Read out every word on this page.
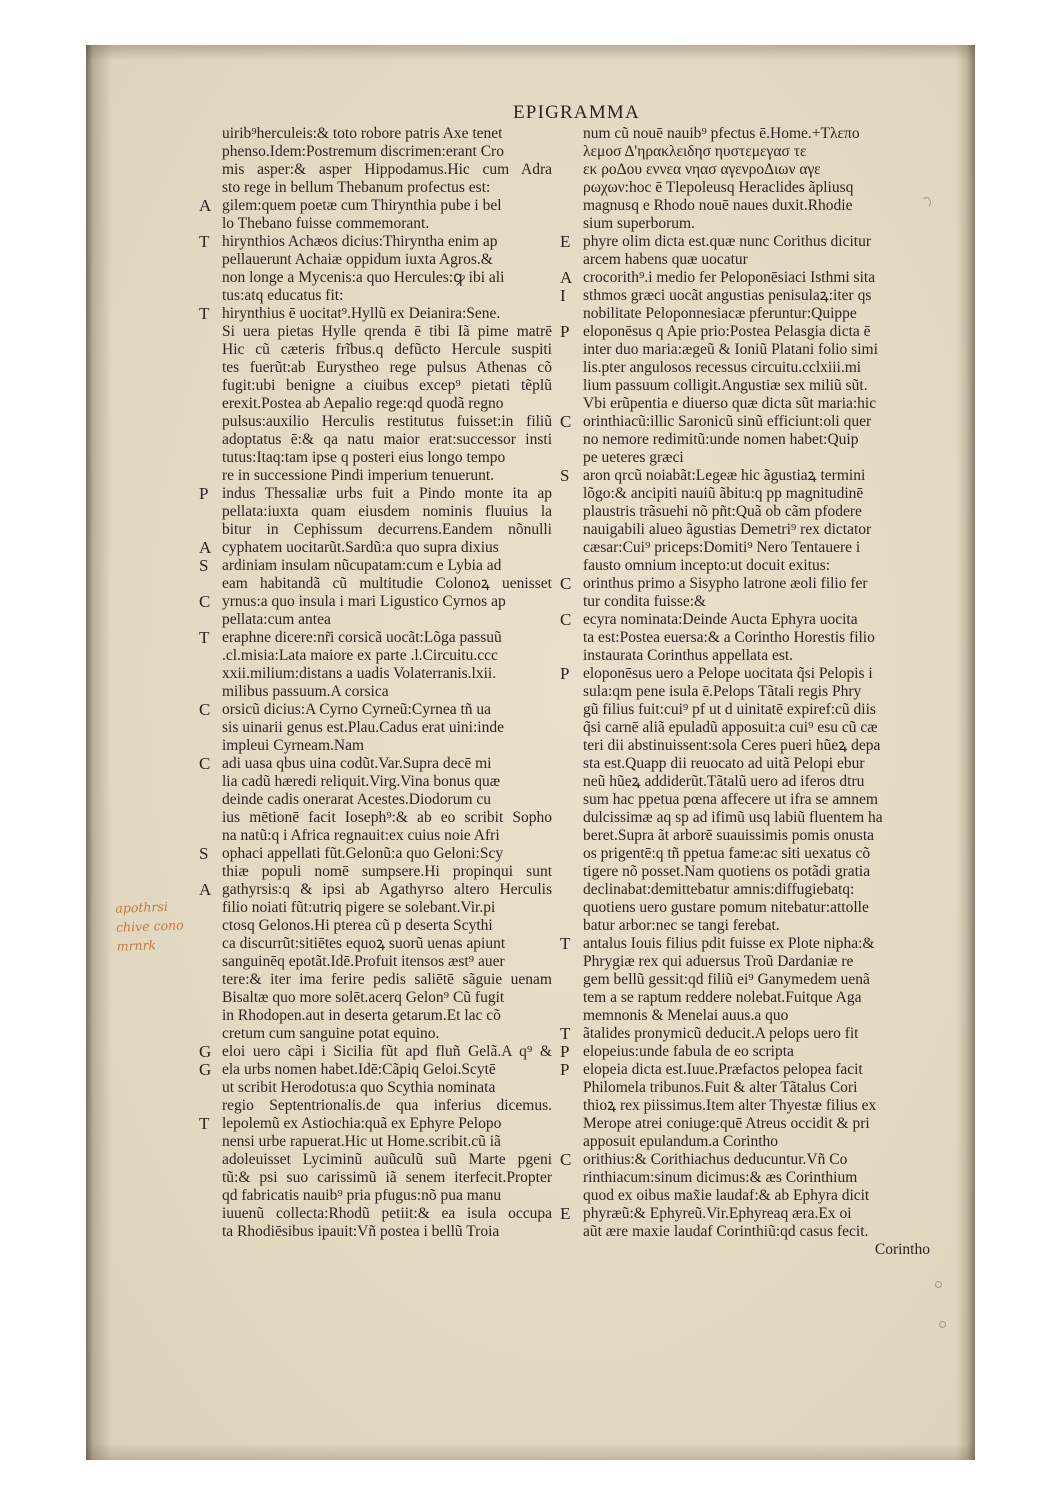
EPIGRAMMA
uirib⁹herculeis:& toto robore patris Axe tenet
phenso.Idem:Postremum discrimen:erant Cro
mis asper:& asper Hippodamus.Hic cum Adra
sto rege in bellum Thebanum profectus est:
A gilem:quem poetæ cum Thirynthia pube i bel
lo Thebano fuisse commemorant.
T hirynthios Achæos dicius:Thiryntha enim ap
pellauerunt Achaiæ oppidum iuxta Agros.&
non longe a Mycenis:a quo Hercules:ꝙ ibi ali
tus:atq educatus fit:
T hirynthius ē uocitat⁹.Hyllũ ex Deianira:Sene.
Si uera pietas Hylle qrenda ē tibi Iã pime matrē
Hic cũ cæteris frĩbus.q defũcto Hercule suspiti
tes fuerũt:ab Eurystheo rege pulsus Athenas cõ
fugit:ubi benigne a ciuibus excep⁹ pietati tẽplũ
erexit.Postea ab Aepalio rege:qd quodã regno
pulsus:auxilio Herculis restitutus fuisset:in filiũ
adoptatus ē:& qa natu maior erat:successor insti
tutus:Itaq:tam ipse q posteri eius longo tempo
re in successione Pindi imperium tenuerunt.
P indus Thessaliæ urbs fuit a Pindo monte ita ap
pellata:iuxta quam eiusdem nominis fluuius la
bitur in Cephissum decurrens.Eandem nõnulli
A cyphatem uocitarũt.Sardũ:a quo supra dixius
S ardiniam insulam nũcupatam:cum e Lybia ad
eam habitandã cũ multitudie Colonoꝝ uenisset
C yrnus:a quo insula i mari Ligustico Cyrnos ap
pellata:cum antea
T eraphne dicere:nr̃i corsicã uocãt:Lõga passuũ
.cl.misia:Lata maiore ex parte .l.Circuitu.ccc
xxii.milium:distans a uadis Volaterranis.lxii.
milibus passuum.A corsica
C orsicũ dicius:A Cyrno Cyrneũ:Cyrnea tñ ua
sis uinarii genus est.Plau.Cadus erat uini:inde
impleui Cyrneam.Nam
C adi uasa qbus uina codũt.Var.Supra decē mi
lia cadũ hæredi reliquit.Virg.Vina bonus quæ
deinde cadis onerarat Acestes.Diodorum cu
ius mētionē facit Ioseph⁹:& ab eo scribit Sopho
na natũ:q i Africa regnauit:ex cuius noie Afri
S ophaci appellati fũt.Gelonũ:a quo Geloni:Scy
thiæ populi nomē sumpsere.Hi propinqui sunt
A gathyrsis:q & ipsi ab Agathyrso altero Herculis
filio noiati fũt:utriq pigere se solebant.Vir.pi
ctosq Gelonos.Hi pterea cũ p deserta Scythi
ca discurrũt:sitiētes equoꝝ suorũ uenas apiunt
sanguinēq epotãt.Idē.Profuit itensos æst⁹ auer
tere:& iter ima ferire pedis saliētē sãguie uenam
Bisaltæ quo more solēt.acerq Gelon⁹ Cũ fugit
in Rhodopen.aut in deserta getarum.Et lac cõ
cretum cum sanguine potat equino.
G eloi uero cãpi i Sicilia fũt apd fluñ Gelã.A q⁹ &
G ela urbs nomen habet.Idē:Cãpiq Geloi.Scytē
ut scribit Herodotus:a quo Scythia nominata
regio Septentrionalis.de qua inferius dicemus.
T lepolemũ ex Astiochia:quã ex Ephyre Pelopo
nensi urbe rapuerat.Hic ut Home.scribit.cũ iã
adoleuisset Lyciminũ auũculũ suũ Marte pgeni
tũ:& psi suo carissimũ iã senem iterfecit.Propter
qd fabricatis nauib⁹ pria pfugus:nõ pua manu
iuuenũ collecta:Rhodũ petiit:& ea isula occupa
ta Rhodiēsibus ipauit:Vñ postea i bellũ Troia
num cũ nouē nauib⁹ pfectus ē.Home.+Τλεπο
λεμοσ Δ'ηρακλειδησ ηυστεμεγασ τε
εκ ροΔου εννεα νηασ αγενροΔιων αγε
ρωχων:hoc ē Tlepoleusq Heraclides ãpliusq
magnusq e Rhodo nouē naues duxit.Rhodie
sium superborum.
E phyre olim dicta est.quæ nunc Corithus dicitur
arcem habens quæ uocatur
A crocorith⁹.i medio fer Peloponēsiaci Isthmi sita
I sthmos græci uocãt angustias penisulaꝝ:iter qs
nobilitate Peloponnesiacæ pferuntur:Quippe
P eloponēsus q Apie prio:Postea Pelasgia dicta ē
inter duo maria:ægeũ & Ioniũ Platani folio simi
lis.pter angulosos recessus circuitu.cclxiii.mi
lium passuum colligit.Angustiæ sex miliũ sũt.
Vbi erũpentia e diuerso quæ dicta sũt maria:hic
C orinthiacũ:illic Saronicũ sinũ efficiunt:oli quer
no nemore redimitũ:unde nomen habet:Quip
pe ueteres græci
S aron qrcũ noiabãt:Legeæ hic ãgustiaꝝ termini
lõgo:& ancipiti nauiũ ãbitu:q pp magnitudinē
plaustris trãsuehi nõ pñt:Quã ob cãm pfodere
nauigabili alueo ãgustias Demetri⁹ rex dictator
cæsar:Cui⁹ priceps:Domiti⁹ Nero Tentauere i
fausto omnium incepto:ut docuit exitus:
C orinthus primo a Sisypho latrone æoli filio fer
tur condita fuisse:&
C ecyra nominata:Deinde Aucta Ephyra uocita
ta est:Postea euersa:& a Corintho Horestis filio
instaurata Corinthus appellata est.
P eloponēsus uero a Pelope uocitata q̃si Pelopis i
sula:qm pene isula ē.Pelops Tãtali regis Phry
gũ filius fuit:cui⁹ pf ut d uinitatē expiref:cũ diis
q̃si carnē aliã epuladũ apposuit:a cui⁹ esu cũ cæ
teri dii abstinuissent:sola Ceres pueri hũeꝝ depa
sta est.Quapp dii reuocato ad uitã Pelopi ebur
neũ hũeꝝ addiderũt.Tãtalũ uero ad iferos dtru
sum hac ppetua pœna affecere ut ifra se amnem
dulcissimæ aq sp ad ifimũ usq labiũ fluentem ha
beret.Supra ãt arborē suauissimis pomis onusta
os prigentē:q tñ ppetua fame:ac siti uexatus cõ
tigere nõ posset.Nam quotiens os potãdi gratia
declinabat:demittebatur amnis:diffugiebatq:
quotiens uero gustare pomum nitebatur:attolle
batur arbor:nec se tangi ferebat.
T antalus Iouis filius pdit fuisse ex Plote nipha:&
Phrygiæ rex qui aduersus Troũ Dardaniæ re
gem bellũ gessit:qd filiũ ei⁹ Ganymedem uenã
tem a se raptum reddere nolebat.Fuitque Aga
memnonis & Menelai auus.a quo
T ãtalides pronymicũ deducit.A pelops uero fit
P elopeius:unde fabula de eo scripta
P elopeia dicta est.Iuue.Præfactos pelopea facit
Philomela tribunos.Fuit & alter Tãtalus Cori
thioꝝ rex piissimus.Item alter Thyestæ filius ex
Merope atrei coniuge:quē Atreus occidit & pri
apposuit epulandum.a Corintho
C orithius:& Corithiachus deducuntur.Vñ Co
rinthiacum:sinum dicimus:& æs Corinthium
quod ex oibus max̃ie laudaf:& ab Ephyra dicit
E phyræũ:& Ephyreũ.Vir.Ephyreaq æra.Ex oi
aũt ære maxie laudaf Corinthiũ:qd casus fecit.
Corintho
apothrsi
chive cono
mrnrk
